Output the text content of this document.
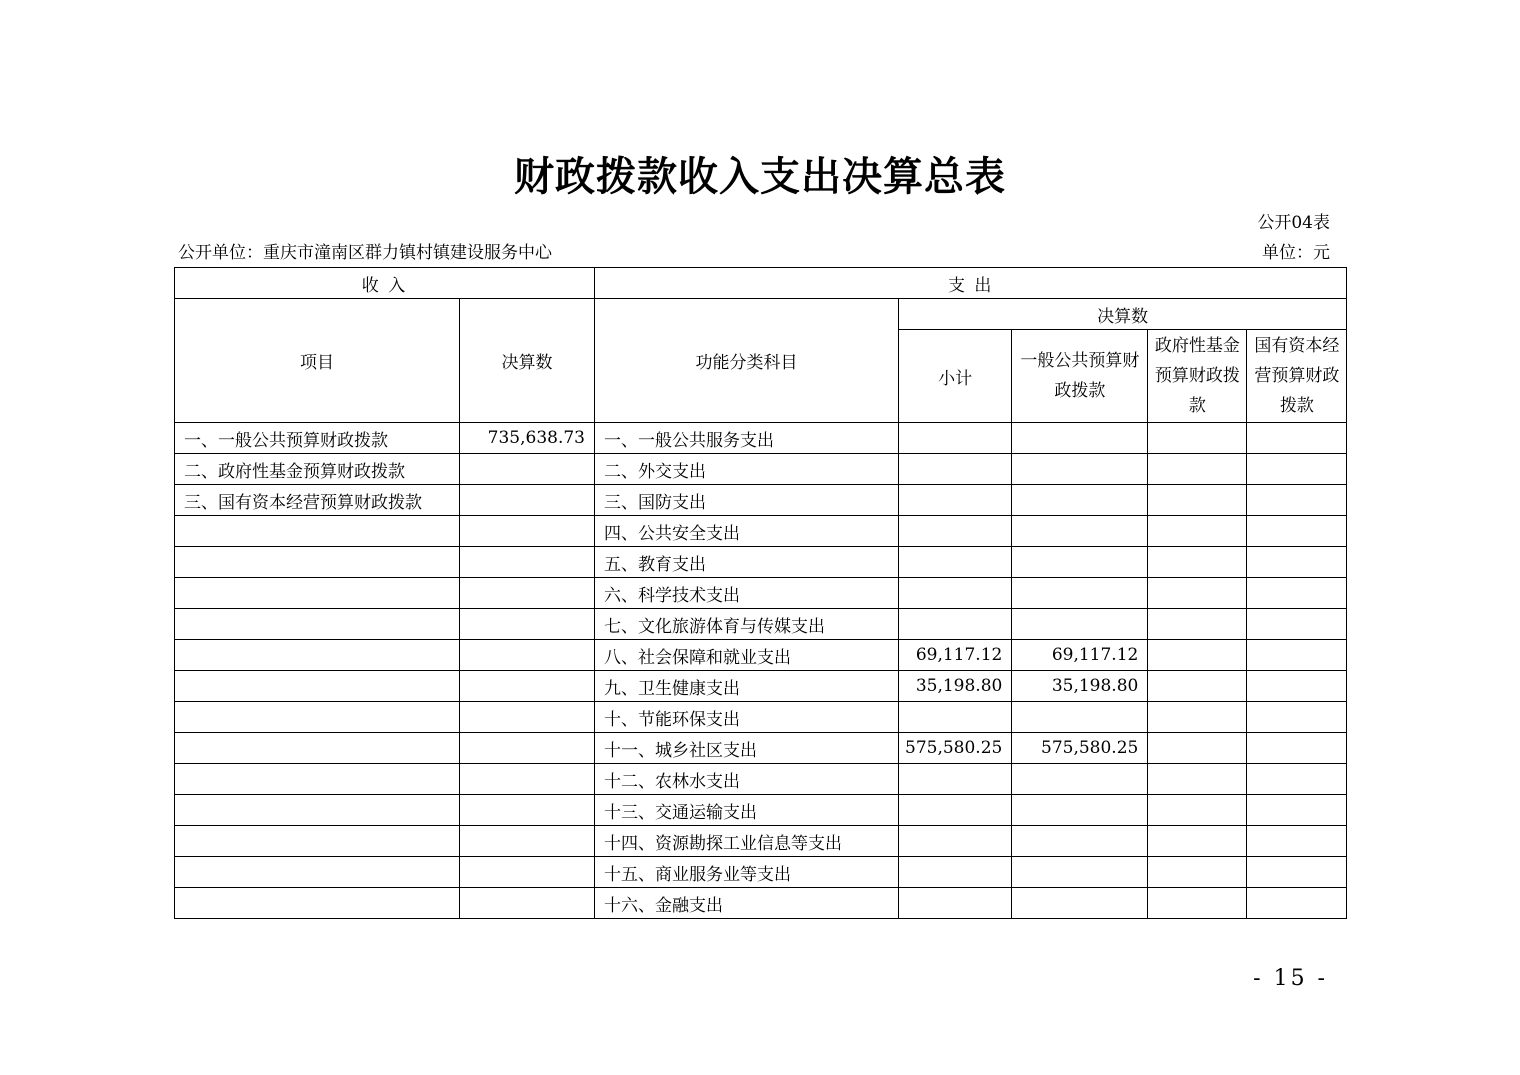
财政拨款收入支出决算总表
公开04表
公开单位：重庆市潼南区群力镇村镇建设服务中心	单位：元
收 入		支 出				
项目	决算数	功能分类科目	决算数			
			小计	一般公共预算财政拨款	政府性基金预算财政拨款	国有资本经营预算财政拨款
一、一般公共预算财政拨款	735,638.73	一、一般公共服务支出				
二、政府性基金预算财政拨款		二、外交支出				
三、国有资本经营预算财政拨款		三、国防支出				
		四、公共安全支出				
		五、教育支出				
		六、科学技术支出				
		七、文化旅游体育与传媒支出				
		八、社会保障和就业支出	69,117.12	69,117.12		
		九、卫生健康支出	35,198.80	35,198.80		
		十、节能环保支出				
		十一、城乡社区支出	575,580.25	575,580.25		
		十二、农林水支出				
		十三、交通运输支出				
		十四、资源勘探工业信息等支出				
		十五、商业服务业等支出				
		十六、金融支出				
- 15 -
